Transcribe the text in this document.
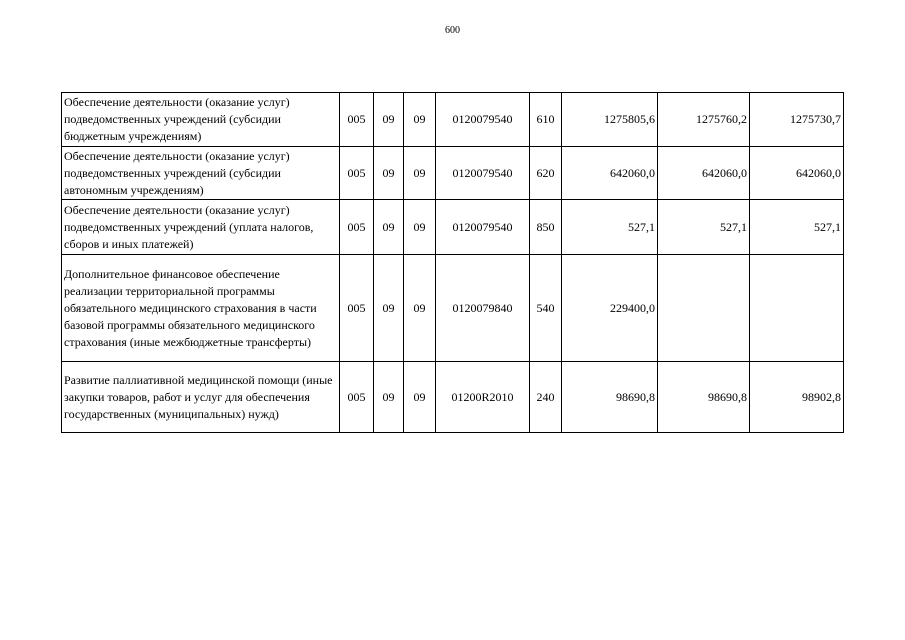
600
Обеспечение деятельности (оказание услуг) подведомственных учреждений (субсидии бюджетным учреждениям)	005	09	09	0120079540	610	1275805,6	1275760,2	1275730,7
Обеспечение деятельности (оказание услуг) подведомственных учреждений (субсидии автономным учреждениям)	005	09	09	0120079540	620	642060,0	642060,0	642060,0
Обеспечение деятельности (оказание услуг) подведомственных учреждений (уплата налогов, сборов и иных платежей)	005	09	09	0120079540	850	527,1	527,1	527,1
Дополнительное финансовое обеспечение реализации территориальной программы обязательного медицинского страхования в части базовой программы обязательного медицинского страхования (иные межбюджетные трансферты)	005	09	09	0120079840	540	229400,0		
Развитие паллиативной медицинской помощи (иные закупки товаров, работ и услуг для обеспечения государственных (муниципальных) нужд)	005	09	09	01200R2010	240	98690,8	98690,8	98902,8
